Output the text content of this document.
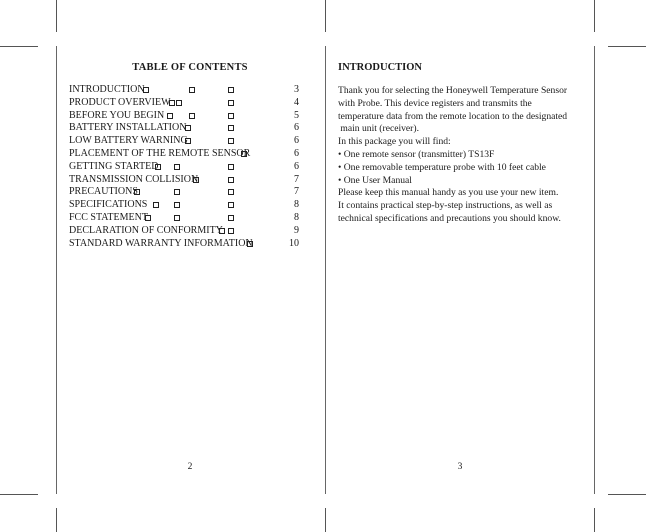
TABLE OF CONTENTS
INTRODUCTION	3
PRODUCT OVERVIEW	4
BEFORE YOU BEGIN	5
BATTERY INSTALLATION	6
LOW BATTERY WARNING	6
PLACEMENT OF THE REMOTE SENSOR	6
GETTING STARTED	6
TRANSMISSION COLLISION	7
PRECAUTIONS	7
SPECIFICATIONS	8
FCC STATEMENT	8
DECLARATION OF CONFORMITY	9
STANDARD WARRANTY INFORMATION	10
2
INTRODUCTION
Thank you for selecting the Honeywell Temperature Sensor
with Probe. This device registers and transmits the
temperature data from the remote location to the designated
main unit (receiver).
In this package you will find:
• One remote sensor (transmitter) TS13F
• One removable temperature probe with 10 feet cable
• One User Manual
Please keep this manual handy as you use your new item.
It contains practical step-by-step instructions, as well as
technical specifications and precautions you should know.
3
